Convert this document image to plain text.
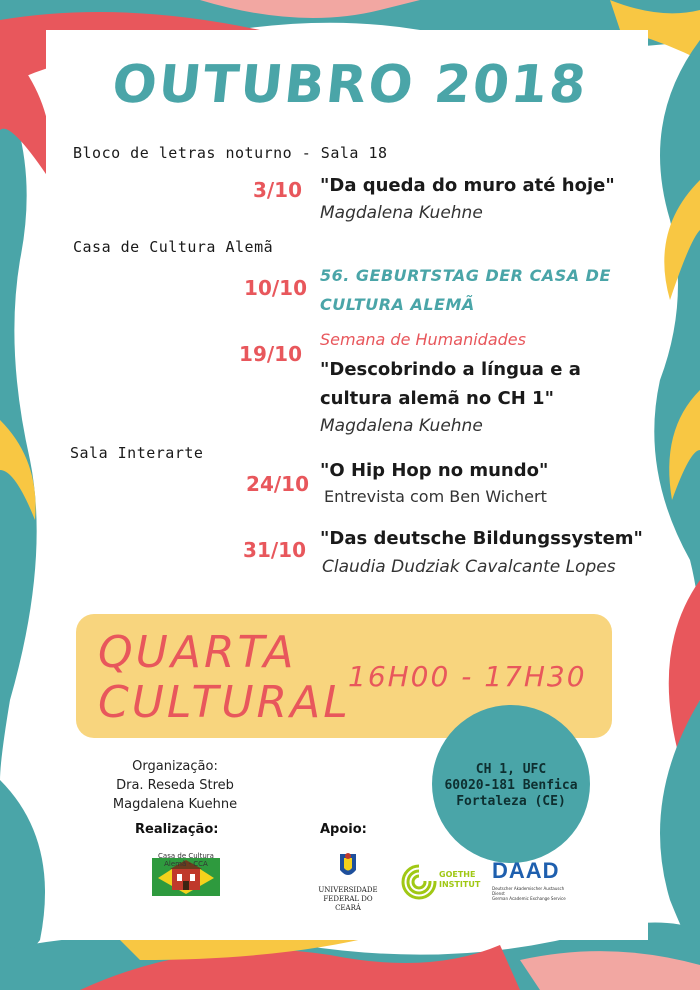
OUTUBRO 2018
Bloco de letras noturno - Sala 18
3/10 "Da queda do muro até hoje"
Magdalena Kuehne
Casa de Cultura Alemã
10/10
56. GEBURTSTAG DER CASA DE
CULTURA ALEMÃ
19/10
Semana de Humanidades
"Descobrindo a língua e a
cultura alemã no CH 1"
Magdalena Kuehne
Sala Interarte
24/10
"O Hip Hop no mundo"
Entrevista com Ben Wichert
31/10 "Das deutsche Bildungssystem"
Claudia Dudziak Cavalcante Lopes
QUARTA
CULTURAL
16H00 - 17H30
CH 1, UFC
60020-181 Benfica
Fortaleza (CE)
Organização:
Dra. Reseda Streb
Magdalena Kuehne
Realização:	Apoio:
Casa de Cultura Alemã - CCA
UNIVERSIDADE
FEDERAL DO CEARÁ
GOETHE
INSTITUT
DAAD
Deutscher Akademischer Austausch Dienst
German Academic Exchange Service
